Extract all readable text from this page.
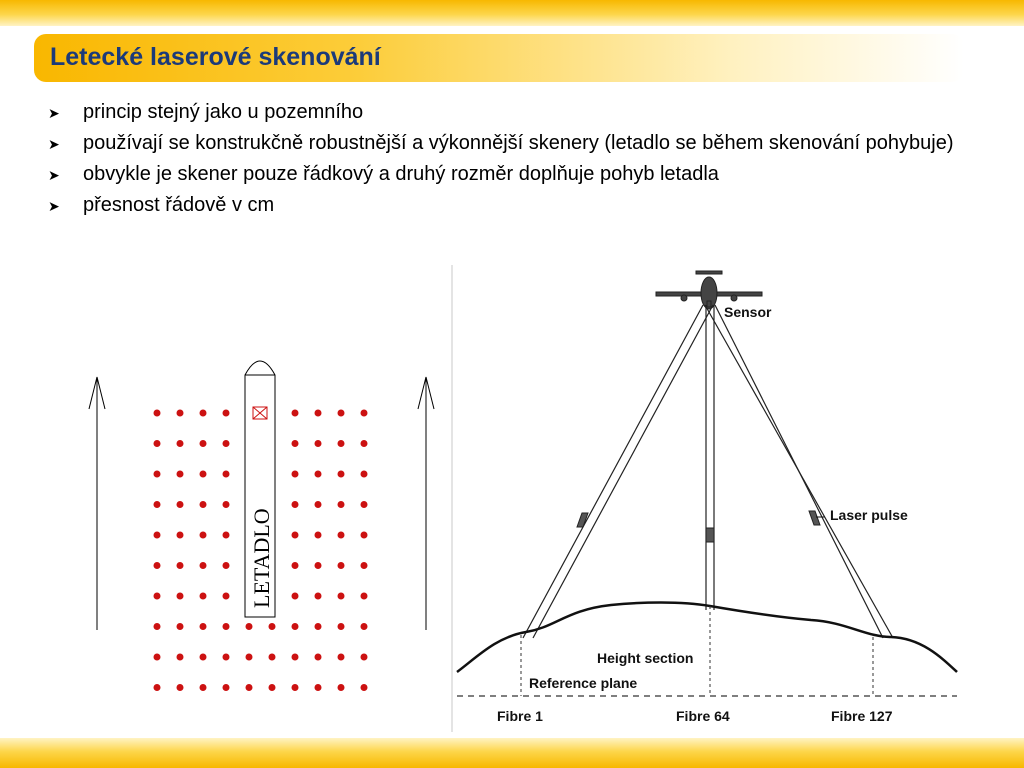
Letecké laserové skenování
➤ princip stejný jako u pozemního
➤ používají se konstrukčně robustnější a výkonnější skenery (letadlo se během skenování pohybuje)
➤ obvykle je skener pouze řádkový a druhý rozměr doplňuje pohyb letadla
➤ přesnost řádově v cm
LETADLO
Sensor
Laser pulse
Height section
Reference plane
Fibre 1	Fibre 64	Fibre 127
